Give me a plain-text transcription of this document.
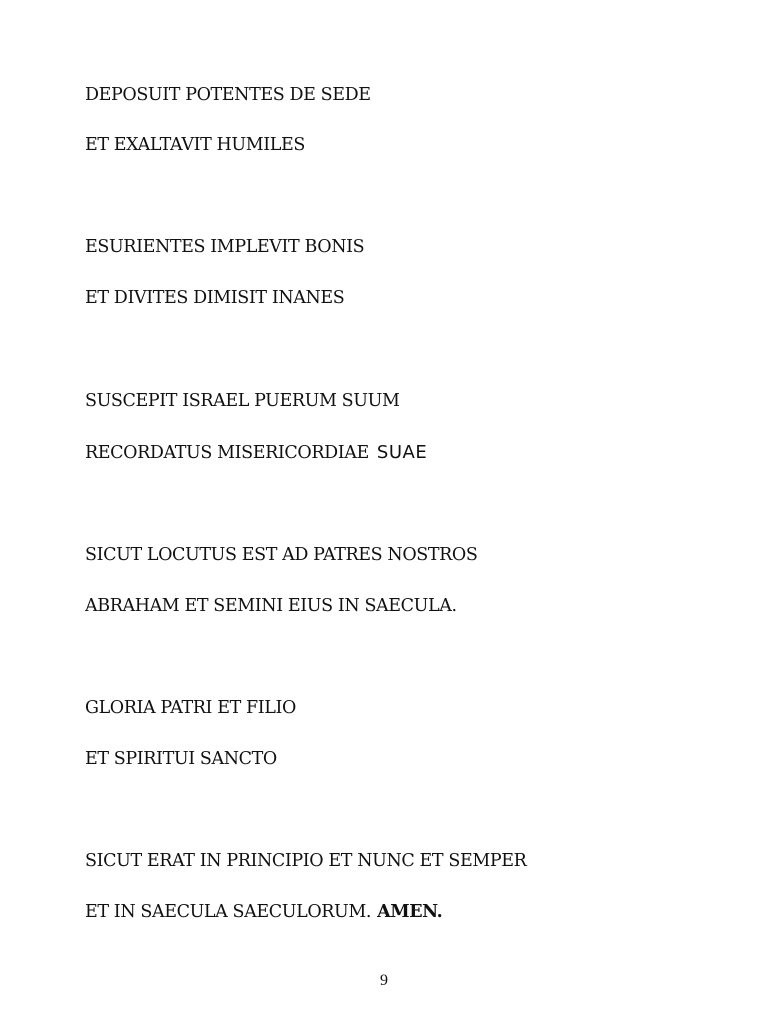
DEPOSUIT POTENTES DE SEDE
ET EXALTAVIT HUMILES
ESURIENTES IMPLEVIT BONIS
ET DIVITES DIMISIT INANES
SUSCEPIT ISRAEL PUERUM SUUM
RECORDATUS MISERICORDIAE SUAE
SICUT LOCUTUS EST AD PATRES NOSTROS
ABRAHAM ET SEMINI EIUS IN SAECULA.
GLORIA PATRI ET FILIO
ET SPIRITUI SANCTO
SICUT ERAT IN PRINCIPIO ET NUNC ET SEMPER
ET IN SAECULA SAECULORUM. AMEN.
9
